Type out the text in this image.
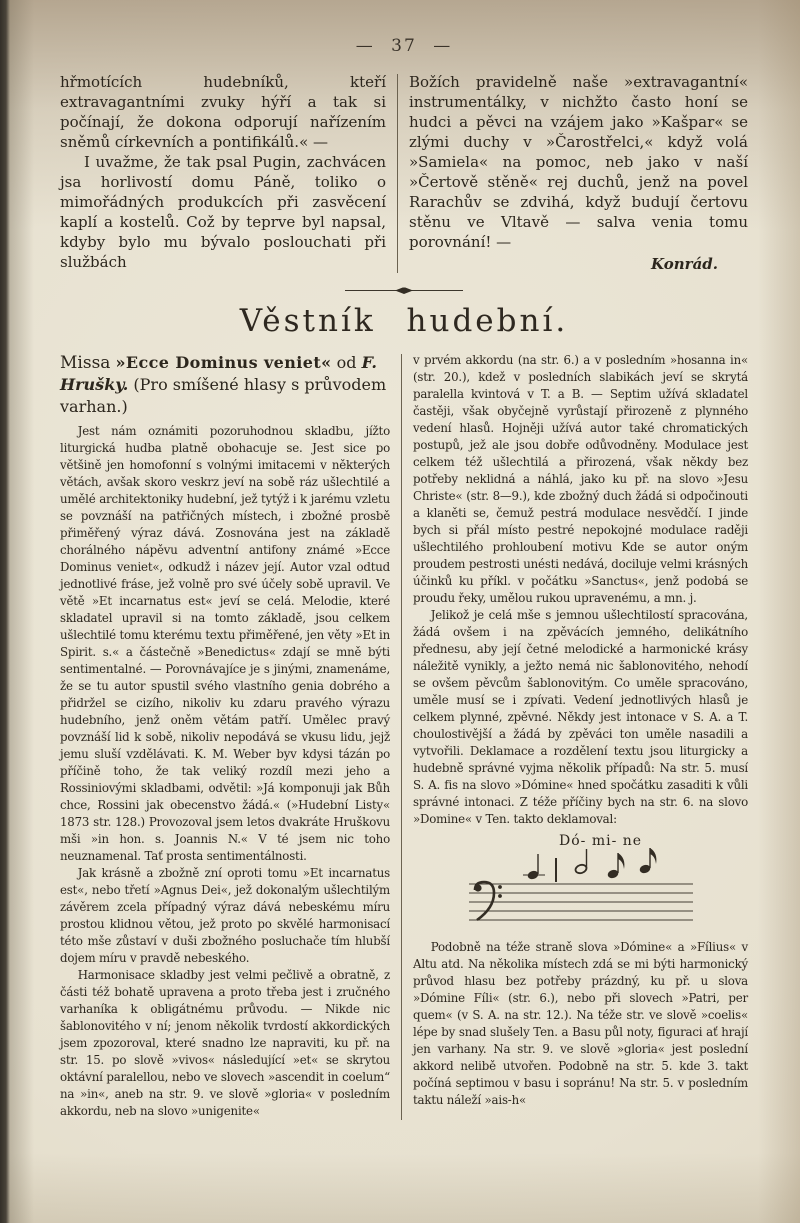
— 37 —

hřmotících hudebníků, kteří extravagantními zvuky hýří a tak si počínají, že dokona odporují nařízením sněmů církevních a pontifikálů.« —

I uvažme, že tak psal Pugin, zachvácen jsa horlivostí domu Páně, toliko o mimořádných produkcích při zasvěcení kaplí a kostelů. Což by teprve byl napsal, kdyby bylo mu bývalo poslouchati při službách

Božích pravidelně naše »extravagantní« instrumentálky, v nichžto často honí se hudci a pěvci na vzájem jako »Kašpar« se zlými duchy v »Čarostřelci,« když volá »Samiela« na pomoc, neb jako v naší »Čertově stěně« rej duchů, jenž na povel Rarachův se zdvihá, když budují čertovu stěnu ve Vltavě — salva venia tomu porovnání! —

Konrád.

Věstník hudební.
Missa »Ecce Dominus veniet« od F. Hrušky. (Pro smíšené hlasy s průvodem varhan.)

Jest nám oznámiti pozoruhodnou skladbu, jížto liturgická hudba platně obohacuje se. Jest sice po většině jen homofonní s volnými imitacemi v některých větách, avšak skoro veskrz jeví na sobě ráz ušlechtilé a umělé architektoniky hudební, jež tytýž i k jarému vzletu se povznáší na patřičných místech, i zbožné prosbě přiměřený výraz dává. Zosnována jest na základě chorálného nápěvu adventní antifony známé »Ecce Dominus veniet«, odkudž i název její. Autor vzal odtud jednotlivé fráse, jež volně pro své účely sobě upravil. Ve větě »Et incarnatus est« jeví se celá. Melodie, které skladatel upravil si na tomto základě, jsou celkem ušlechtilé tomu kterému textu přiměřené, jen věty »Et in Spirit. s.« a částečně »Benedictus« zdají se mně býti sentimentalné. — Porovnávajíce je s jinými, znamenáme, že se tu autor spustil svého vlastního genia dobrého a přidržel se cizího, nikoliv ku zdaru pravého výrazu hudebního, jenž oněm větám patří. Umělec pravý povznáší lid k sobě, nikoliv nepodává se vkusu lidu, jejž jemu sluší vzdělávati. K. M. Weber byv kdysi tázán po příčině toho, že tak veliký rozdíl mezi jeho a Rossiniovými skladbami, odvětil: »Já komponuji jak Bůh chce, Rossini jak obecenstvo žádá.« (»Hudební Listy« 1873 str. 128.) Provozoval jsem letos dvakráte Hruškovu mši »in hon. s. Joannis N.« V té jsem nic toho neuznamenal. Tať prosta sentimentálnosti.

Jak krásně a zbožně zní oproti tomu »Et incarnatus est«, nebo třetí »Agnus Dei«, jež dokonalým ušlechtilým závěrem zcela případný výraz dává nebeskému míru prostou klidnou větou, jež proto po skvělé harmonisací této mše zůstaví v duši zbožného posluchače tím hlubší dojem míru v pravdě nebeského.

Harmonisace skladby jest velmi pečlivě a obratně, z části též bohatě upravena a proto třeba jest i zručného varhaníka k obligátnému průvodu. — Nikde nic šablonovitého v ní; jenom několik tvrdostí akkordických jsem zpozoroval, které snadno lze napraviti, ku př. na str. 15. po slově »vivos« následující »et« se skrytou oktávní paralellou, nebo ve slovech »ascendit in coelum“ na »in«, aneb na str. 9. ve slově »gloria« v posledním akkordu, neb na slovo »unigenite«

v prvém akkordu (na str. 6.) a v posledním »hosanna in« (str. 20.), kdež v posledních slabikách jeví se skrytá paralella kvintová v T. a B. — Septim užívá skladatel častěji, však obyčejně vyrůstají přirozeně z plynného vedení hlasů. Hojněji užívá autor také chromatických postupů, jež ale jsou dobře odůvodněny. Modulace jest celkem též ušlechtilá a přirozená, však někdy bez potřeby neklidná a náhlá, jako ku př. na slovo »Jesu Christe« (str. 8—9.), kde zbožný duch žádá si odpočinouti a klaněti se, čemuž pestrá modulace nesvědčí. I jinde bych si přál místo pestré nepokojné modulace raději ušlechtilého prohloubení motivu Kde se autor oným proudem pestrosti unésti nedává, dociluje velmi krásných účinků ku příkl. v počátku »Sanctus«, jenž podobá se proudu řeky, umělou rukou upravenému, a mn. j.

Jelikož je celá mše s jemnou ušlechtilostí spracována, žádá ovšem i na zpěvácích jemného, delikátního přednesu, aby její četné melodické a harmonické krásy náležitě vynikly, a ježto nemá nic šablonovitého, nehodí se ovšem pěvcům šablonovitým. Co uměle spracováno, uměle musí se i zpívati. Vedení jednotlivých hlasů je celkem plynné, zpěvné. Někdy jest intonace v S. A. a T. choulostivější a žádá by zpěváci ton uměle nasadili a vytvořili. Deklamace a rozdělení textu jsou liturgicky a hudebně správné vyjma několik případů: Na str. 5. musí S. A. fis na slovo »Dómine« hned spočátku zasaditi k vůli správné intonaci. Z téže příčiny bych na str. 6. na slovo »Domine« v Ten. takto deklamoval:

Dó- mi- ne

Podobně na téže straně slova »Dómine« a »Fílius« v Altu atd. Na několika místech zdá se mi býti harmonický průvod hlasu bez potřeby prázdný, ku př. u slova »Dómine Fíli« (str. 6.), nebo při slovech »Patri, per quem« (v S. A. na str. 12.). Na téže str. ve slově »coelis« lépe by snad slušely Ten. a Basu půl noty, figuraci ať hrají jen varhany. Na str. 9. ve slově »gloria« jest poslední akkord nelibě utvořen. Podobně na str. 5. kde 3. takt počíná septimou v basu i sopránu! Na str. 5. v posledním taktu náleží »ais-h«
